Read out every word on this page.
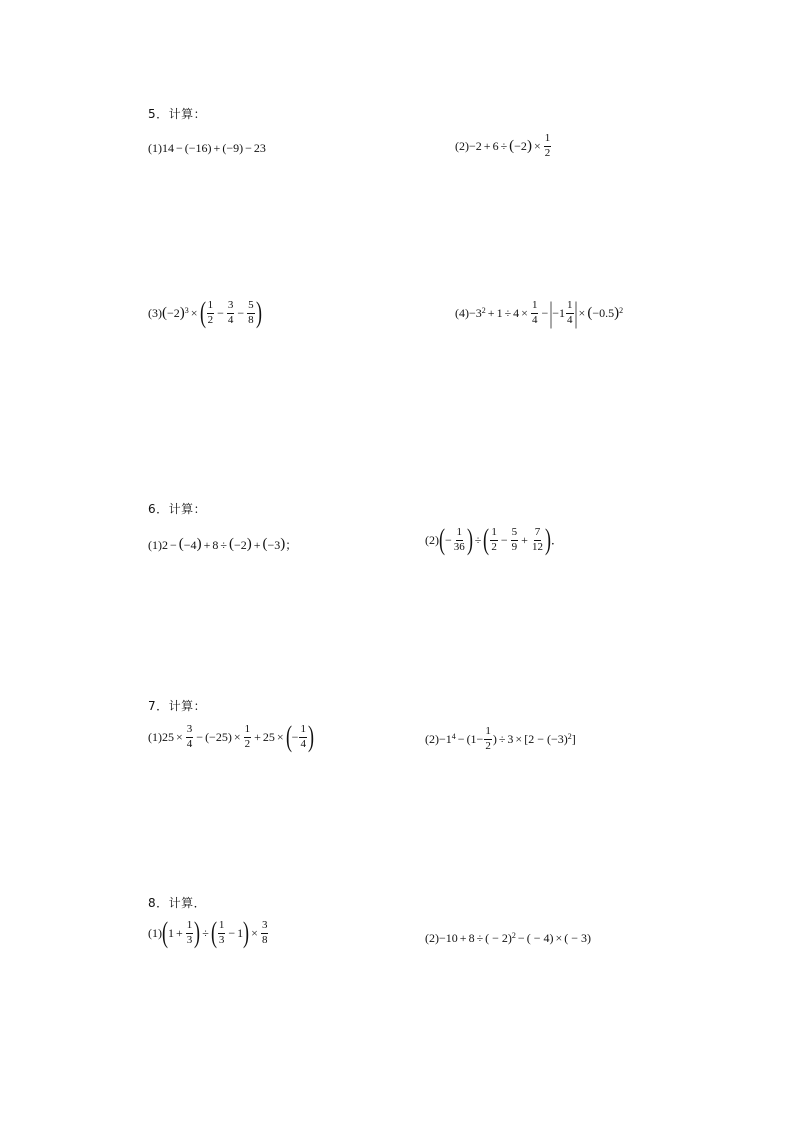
5．计算：
(1)14 − (−16) + (−9) − 23	(2) −2 + 6 ÷ ( −2 ) × $\frac{1}{2}$
(3) ( −2 )$^3$ × ( $\frac{1}{2} - \frac{3}{4} - \frac{5}{8}$ )	$(4) -3^2 + 1 \div 4 \times \frac{1}{4}$ − | $-1 \frac{1}{4}$ | × ( −0.5 )$^2$
6．计算：
(1) 2 − ( −4 ) + 8 ÷ ( −2 ) + ( −3 ) ；	(2) ( − $\frac{1}{36}$ ) ÷ ( $\frac{1}{2} - \frac{5}{9} + \frac{7}{12}$ ) ．
7．计算：
(1) $25 \times \frac{3}{4} - (-25) \times \frac{1}{2} + 25$ × ( − $\frac{1}{4}$ )	$(2) -1^4 - (1- \frac{1}{2}$ ) ÷ $3 \times [2 - (-3)^2$ ]
8．计算．
(1) ( $1 + \frac{1}{3}$ ) ÷ ( $\frac{1}{3} - 1$ ) × $\frac{3}{8}$	(2) −10 + 8 ÷ ( − 2)$^2$ − ( − 4) × ( − 3)
